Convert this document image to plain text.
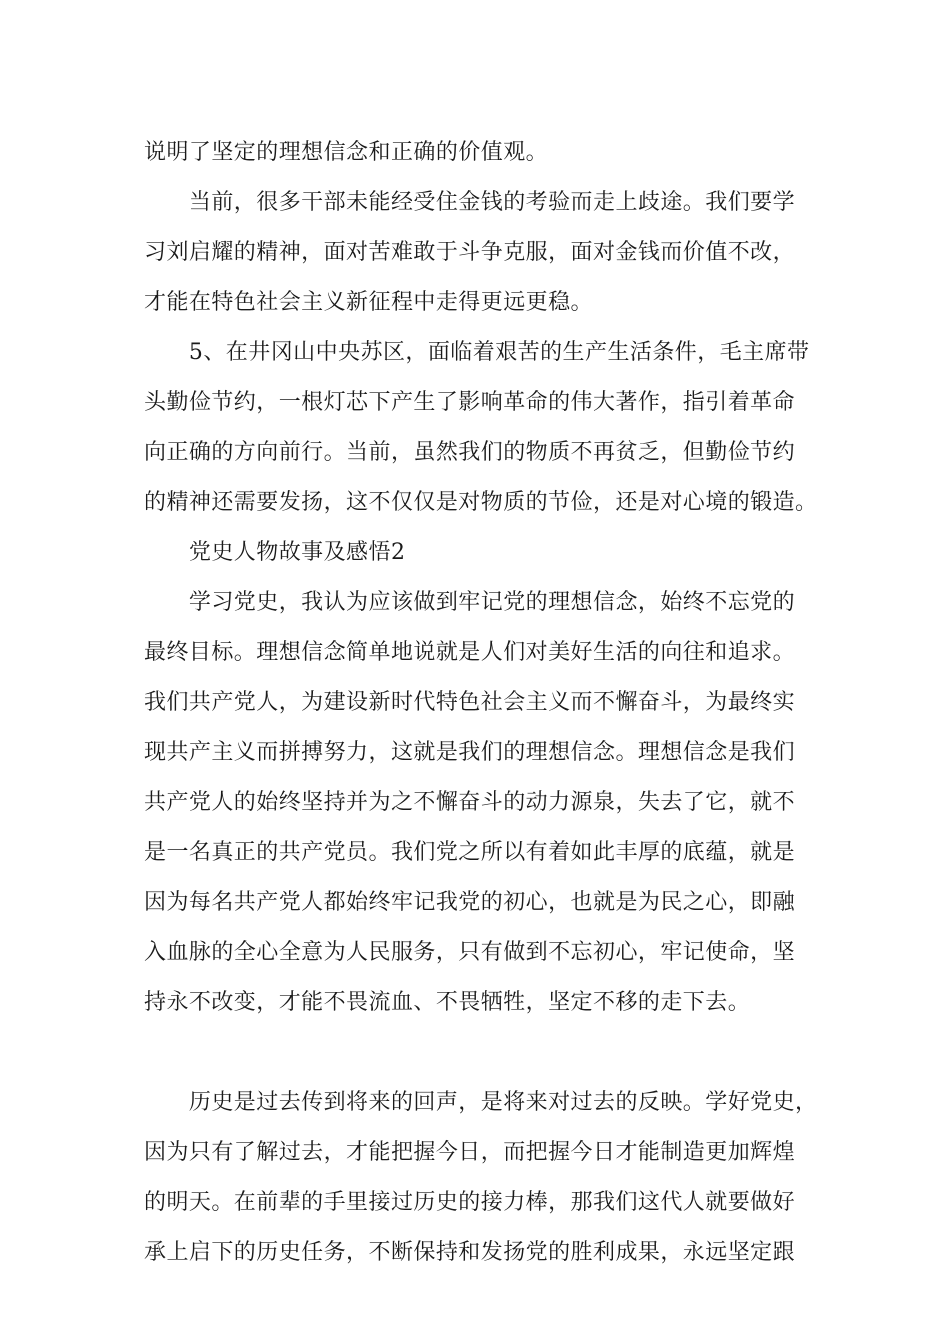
说明了坚定的理想信念和正确的价值观。
　　当前，很多干部未能经受住金钱的考验而走上歧途。我们要学
习刘启耀的精神，面对苦难敢于斗争克服，面对金钱而价值不改，
才能在特色社会主义新征程中走得更远更稳。
　　5、在井冈山中央苏区，面临着艰苦的生产生活条件，毛主席带
头勤俭节约，一根灯芯下产生了影响革命的伟大著作，指引着革命
向正确的方向前行。当前，虽然我们的物质不再贫乏，但勤俭节约
的精神还需要发扬，这不仅仅是对物质的节俭，还是对心境的锻造。
　　党史人物故事及感悟2
　　学习党史，我认为应该做到牢记党的理想信念，始终不忘党的
最终目标。理想信念简单地说就是人们对美好生活的向往和追求。
我们共产党人，为建设新时代特色社会主义而不懈奋斗，为最终实
现共产主义而拼搏努力，这就是我们的理想信念。理想信念是我们
共产党人的始终坚持并为之不懈奋斗的动力源泉，失去了它，就不
是一名真正的共产党员。我们党之所以有着如此丰厚的底蕴，就是
因为每名共产党人都始终牢记我党的初心，也就是为民之心，即融
入血脉的全心全意为人民服务，只有做到不忘初心，牢记使命，坚
持永不改变，才能不畏流血、不畏牺牲，坚定不移的走下去。
　　历史是过去传到将来的回声，是将来对过去的反映。学好党史，
因为只有了解过去，才能把握今日，而把握今日才能制造更加辉煌
的明天。在前辈的手里接过历史的接力棒，那我们这代人就要做好
承上启下的历史任务，不断保持和发扬党的胜利成果，永远坚定跟
